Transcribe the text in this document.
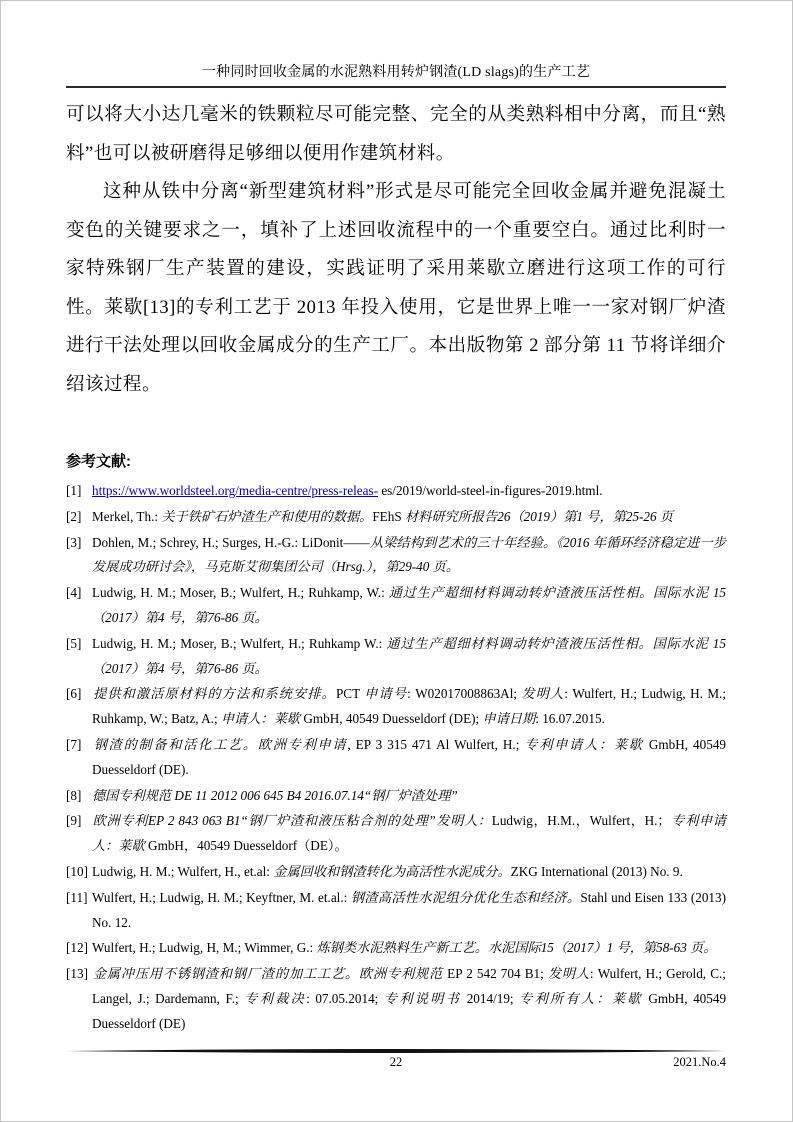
一种同时回收金属的水泥熟料用转炉钢渣(LD slags)的生产工艺

可以将大小达几毫米的铁颗粒尽可能完整、完全的从类熟料相中分离，而且“熟料”也可以被研磨得足够细以便用作建筑材料。

这种从铁中分离“新型建筑材料”形式是尽可能完全回收金属并避免混凝土变色的关键要求之一，填补了上述回收流程中的一个重要空白。通过比利时一家特殊钢厂生产装置的建设，实践证明了采用莱歇立磨进行这项工作的可行性。莱歇[13]的专利工艺于 2013 年投入使用，它是世界上唯一一家对钢厂炉渣进行干法处理以回收金属成分的生产工厂。本出版物第 2 部分第 11 节将详细介绍该过程。

参考文献:
[1] https://www.worldsteel.org/media-centre/press-releas- es/2019/world-steel-in-figures-2019.html.
[2] Merkel, Th.: 关于铁矿石炉渣生产和使用的数据。FEhS 材料研究所报告26（2019）第1 号，第25-26 页
[3] Dohlen, M.; Schrey, H.; Surges, H.-G.: LiDonit——从梁结构到艺术的三十年经验。《2016 年循环经济稳定进一步发展成功研讨会》，马克斯艾彻集团公司（Hrsg.），第29-40 页。
[4] Ludwig, H. M.; Moser, B.; Wulfert, H.; Ruhkamp, W.: 通过生产超细材料调动转炉渣液压活性相。国际水泥 15（2017）第4 号，第76-86 页。
[5] Ludwig, H. M.; Moser, B.; Wulfert, H.; Ruhkamp W.: 通过生产超细材料调动转炉渣液压活性相。国际水泥 15（2017）第4 号，第76-86 页。
[6] 提供和激活原材料的方法和系统安排。PCT 申请号: W02017008863Al; 发明人: Wulfert, H.; Ludwig, H. M.; Ruhkamp, W.; Batz, A.; 申请人：莱歇 GmbH, 40549 Duesseldorf (DE); 申请日期: 16.07.2015.
[7] 钢渣的制备和活化工艺。欧洲专利申请, EP 3 315 471 Al Wulfert, H.; 专利申请人：莱歇 GmbH, 40549 Duesseldorf (DE).
[8] 德国专利规范 DE 11 2012 006 645 B4 2016.07.14“钢厂炉渣处理”
[9] 欧洲专利EP 2 843 063 B1“钢厂炉渣和液压粘合剂的处理”发明人：Ludwig，H.M.，Wulfert，H.；专利申请人：莱歇 GmbH，40549 Duesseldorf（DE）。
[10] Ludwig, H. M.; Wulfert, H., et.al: 金属回收和钢渣转化为高活性水泥成分。ZKG International (2013) No. 9.
[11] Wulfert, H.; Ludwig, H. M.; Keyftner, M. et.al.: 钢渣高活性水泥组分优化生态和经济。Stahl und Eisen 133 (2013) No. 12.
[12] Wulfert, H.; Ludwig, H, M.; Wimmer, G.: 炼钢类水泥熟料生产新工艺。水泥国际15（2017）1 号，第58-63 页。
[13] 金属冲压用不锈钢渣和钢厂渣的加工工艺。欧洲专利规范 EP 2 542 704 B1; 发明人: Wulfert, H.; Gerold, C.; Langel, J.; Dardemann, F.; 专利裁决: 07.05.2014; 专利说明书 2014/19; 专利所有人：莱歇 GmbH, 40549 Duesseldorf (DE)
22	2021.No.4
